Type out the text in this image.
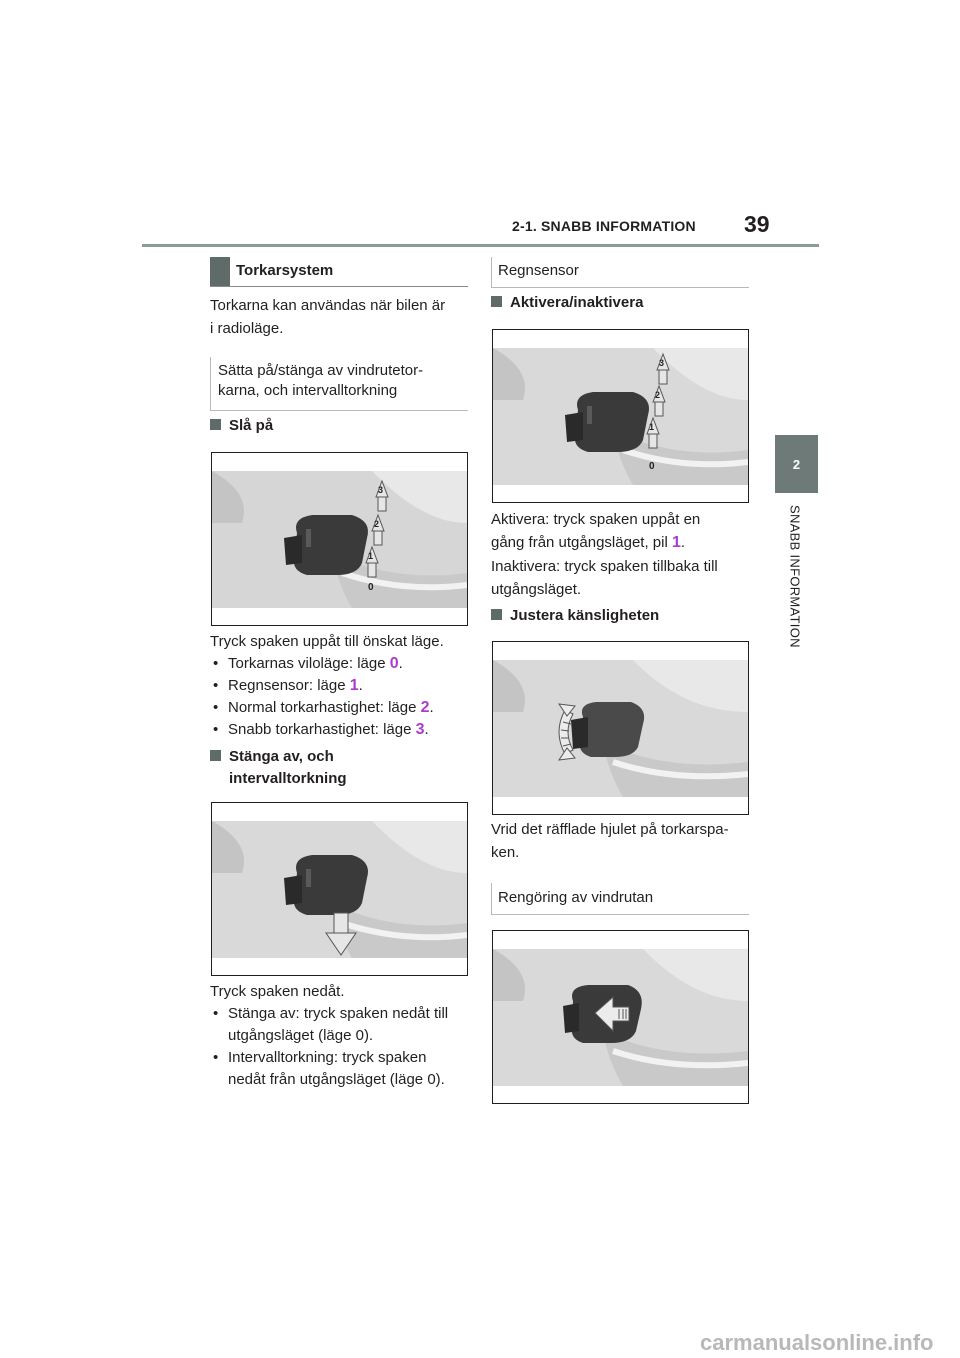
2-1. SNABB INFORMATION 39
2
SNABB INFORMATION
Torkarsystem
Torkarna kan användas när bilen är
i radioläge.
Sätta på/stänga av vindrutetor-
karna, och intervalltorkning
Slå på
3
2
1
0
Tryck spaken uppåt till önskat läge.
• Torkarnas viloläge: läge 0.
• Regnsensor: läge 1.
• Normal torkarhastighet: läge 2.
• Snabb torkarhastighet: läge 3.
Stänga av, och
intervalltorkning
Tryck spaken nedåt.
• Stänga av: tryck spaken nedåt till
utgångsläget (läge 0).
• Intervalltorkning: tryck spaken
nedåt från utgångsläget (läge 0).
Regnsensor
Aktivera/inaktivera
3
2
1
0
Aktivera: tryck spaken uppåt en
gång från utgångsläget, pil 1.
Inaktivera: tryck spaken tillbaka till
utgångsläget.
Justera känsligheten
Vrid det räfflade hjulet på torkarspa-
ken.
Rengöring av vindrutan
carmanualsonline.info
